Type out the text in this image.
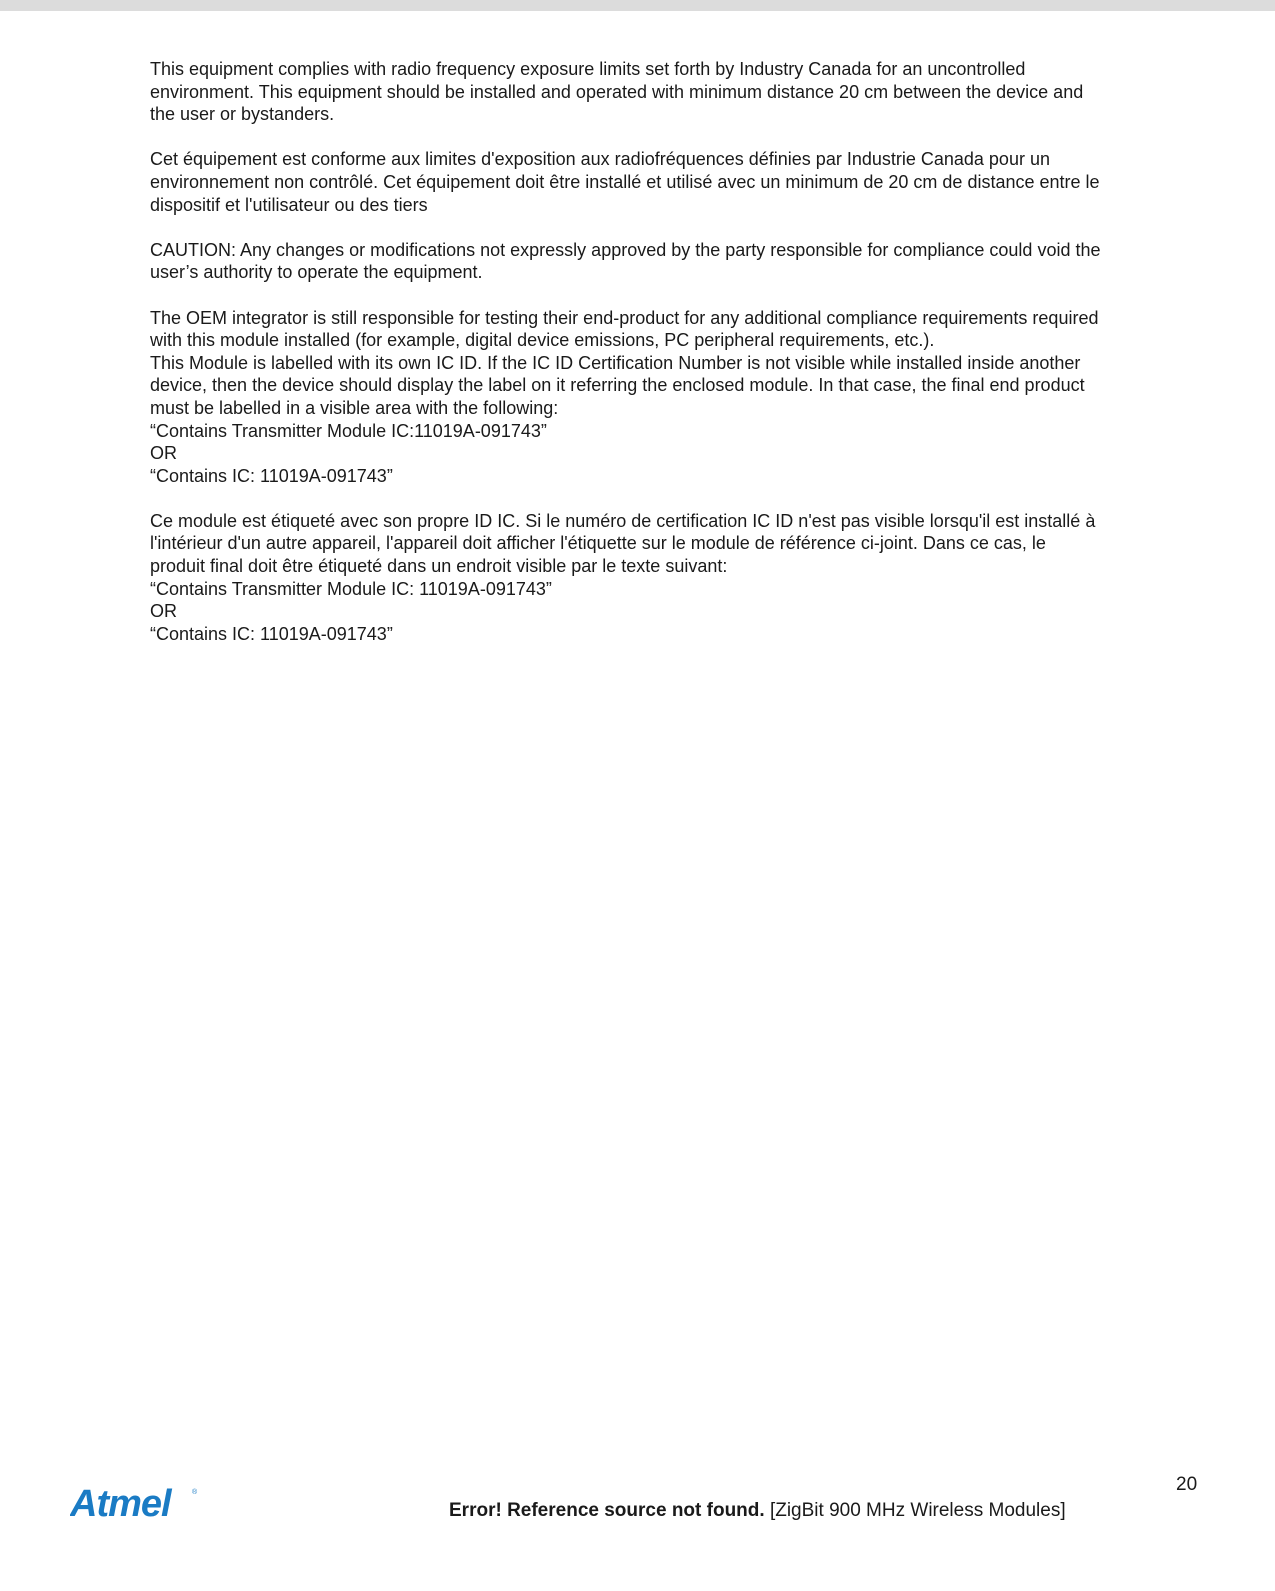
This equipment complies with radio frequency exposure limits set forth by Industry Canada for an uncontrolled
environment. This equipment should be installed and operated with minimum distance 20 cm between the device and
the user or bystanders.

Cet équipement est conforme aux limites d'exposition aux radiofréquences définies par Industrie Canada pour un
environnement non contrôlé. Cet équipement doit être installé et utilisé avec un minimum de 20 cm de distance entre le
dispositif et l'utilisateur ou des tiers

CAUTION: Any changes or modifications not expressly approved by the party responsible for compliance could void the
user’s authority to operate the equipment.

The OEM integrator is still responsible for testing their end-product for any additional compliance requirements required
with this module installed (for example, digital device emissions, PC peripheral requirements, etc.).
This Module is labelled with its own IC ID. If the IC ID Certification Number is not visible while installed inside another
device, then the device should display the label on it referring the enclosed module. In that case, the final end product
must be labelled in a visible area with the following:
“Contains Transmitter Module IC:11019A-091743”
OR
“Contains IC: 11019A-091743”

Ce module est étiqueté avec son propre ID IC. Si le numéro de certification IC ID n'est pas visible lorsqu'il est installé à
l'intérieur d'un autre appareil, l'appareil doit afficher l'étiquette sur le module de référence ci-joint. Dans ce cas, le
produit final doit être étiqueté dans un endroit visible par le texte suivant:
“Contains Transmitter Module IC: 11019A-091743”
OR
“Contains IC: 11019A-091743”

Atmel	®
Error! Reference source not found. [ZigBit 900 MHz Wireless Modules]
20
